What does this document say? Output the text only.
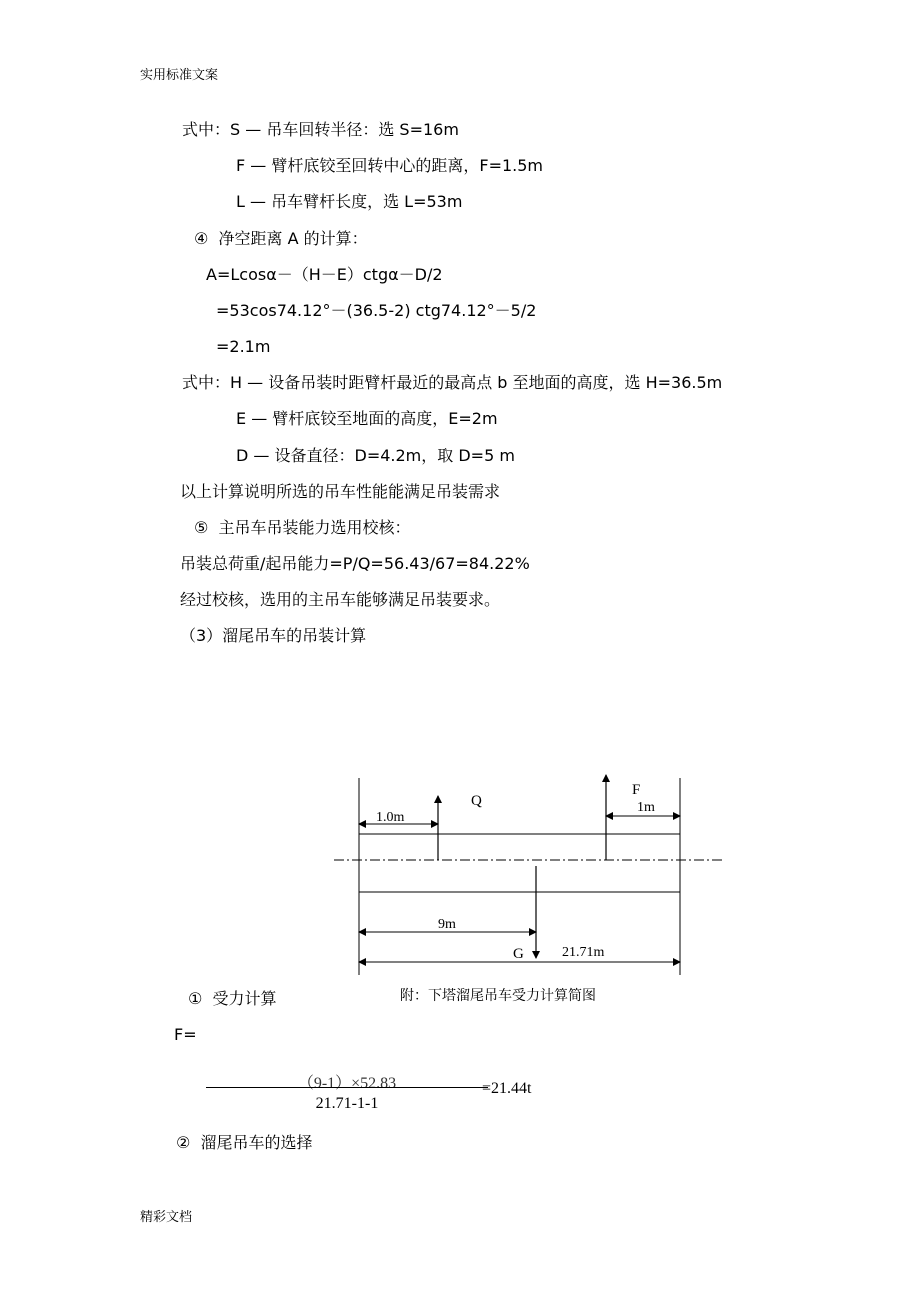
实用标准文案
式中：S — 吊车回转半径：选 S=16m
F — 臂杆底铰至回转中心的距离，F=1.5m
L — 吊车臂杆长度，选 L=53m
④  净空距离 A 的计算：
A=Lcosα－（H－E）ctgα－D/2
=53cos74.12°－(36.5-2) ctg74.12°－5/2
=2.1m
式中：H — 设备吊装时距臂杆最近的最高点 b 至地面的高度，选 H=36.5m
E — 臂杆底铰至地面的高度，E=2m
D — 设备直径：D=4.2m，取 D=5 m
以上计算说明所选的吊车性能能满足吊装需求
⑤  主吊车吊装能力选用校核：
吊装总荷重/起吊能力=P/Q=56.43/67=84.22%
经过校核，选用的主吊车能够满足吊装要求。
（3）溜尾吊车的吊装计算
Q
F
G
1.0m
1m
9m
21.71m
①  受力计算	附：下塔溜尾吊车受力计算简图
F=
（9-1）×52.83
21.71-1-1
=21.44t
②  溜尾吊车的选择
精彩文档
